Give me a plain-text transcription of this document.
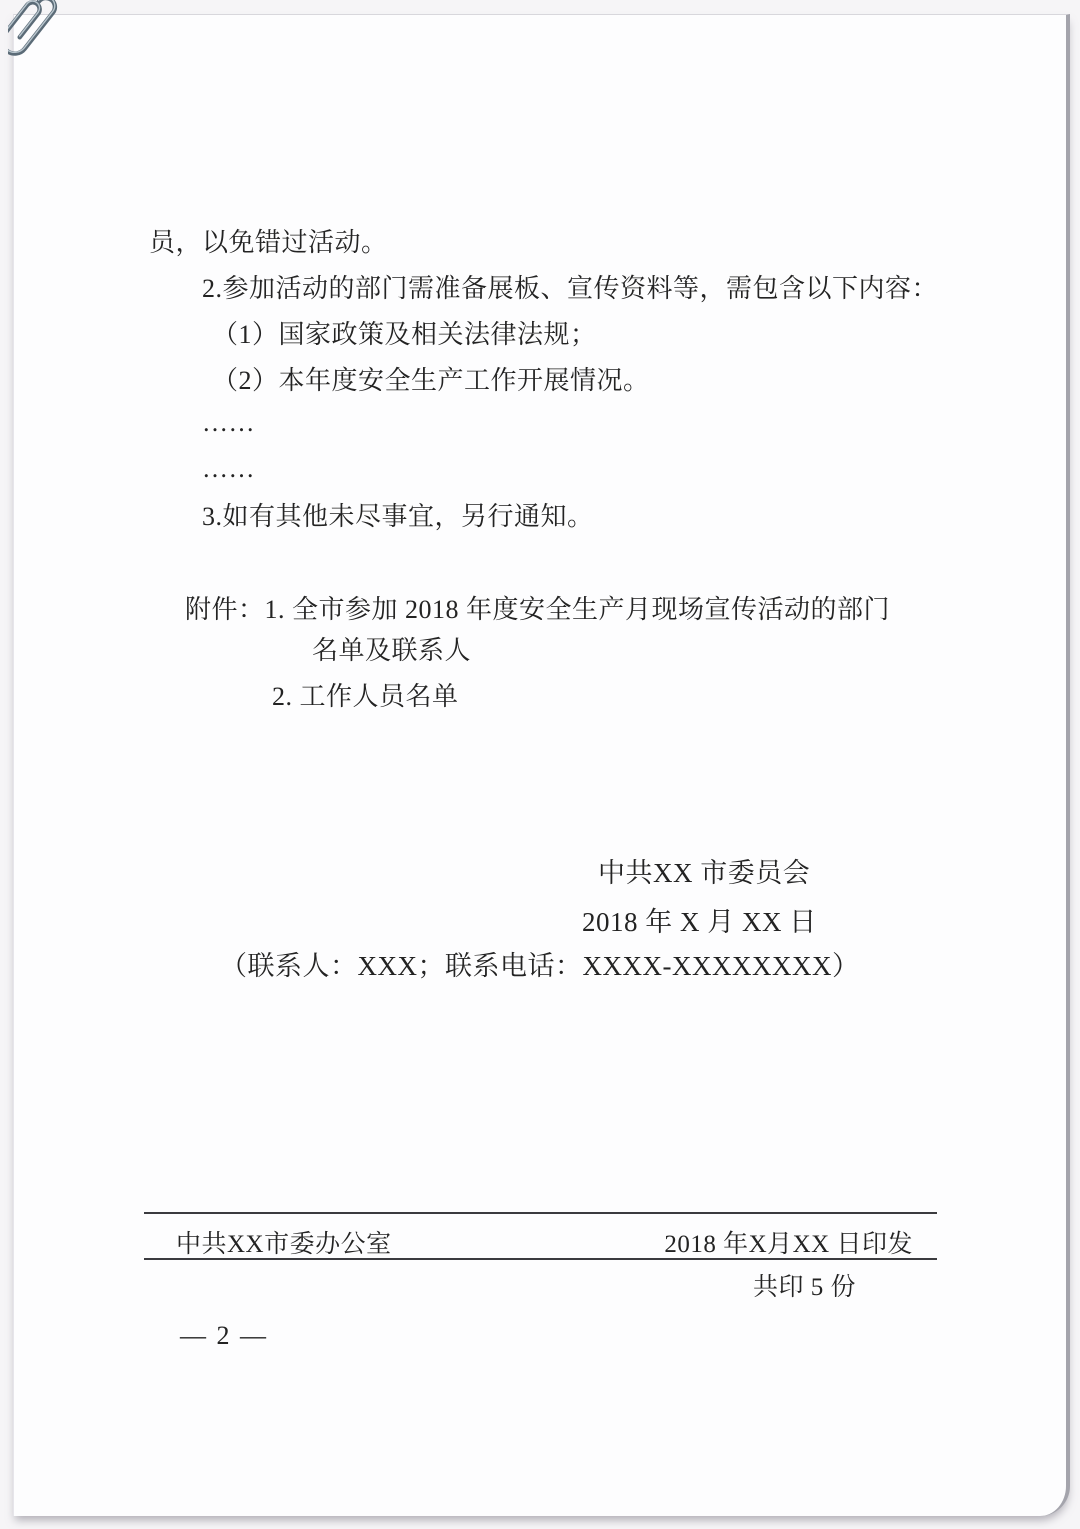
员，以免错过活动。
2.参加活动的部门需准备展板、宣传资料等，需包含以下内容：
（1）国家政策及相关法律法规；
（2）本年度安全生产工作开展情况。
……
……
3.如有其他未尽事宜，另行通知。
附件：1. 全市参加 2018 年度安全生产月现场宣传活动的部门
名单及联系人
2. 工作人员名单
中共XX 市委员会
2018 年 X 月 XX 日
（联系人：XXX；联系电话：XXXX-XXXXXXXX）
中共XX市委办公室	2018 年X月XX 日印发
共印 5 份
— 2 —
